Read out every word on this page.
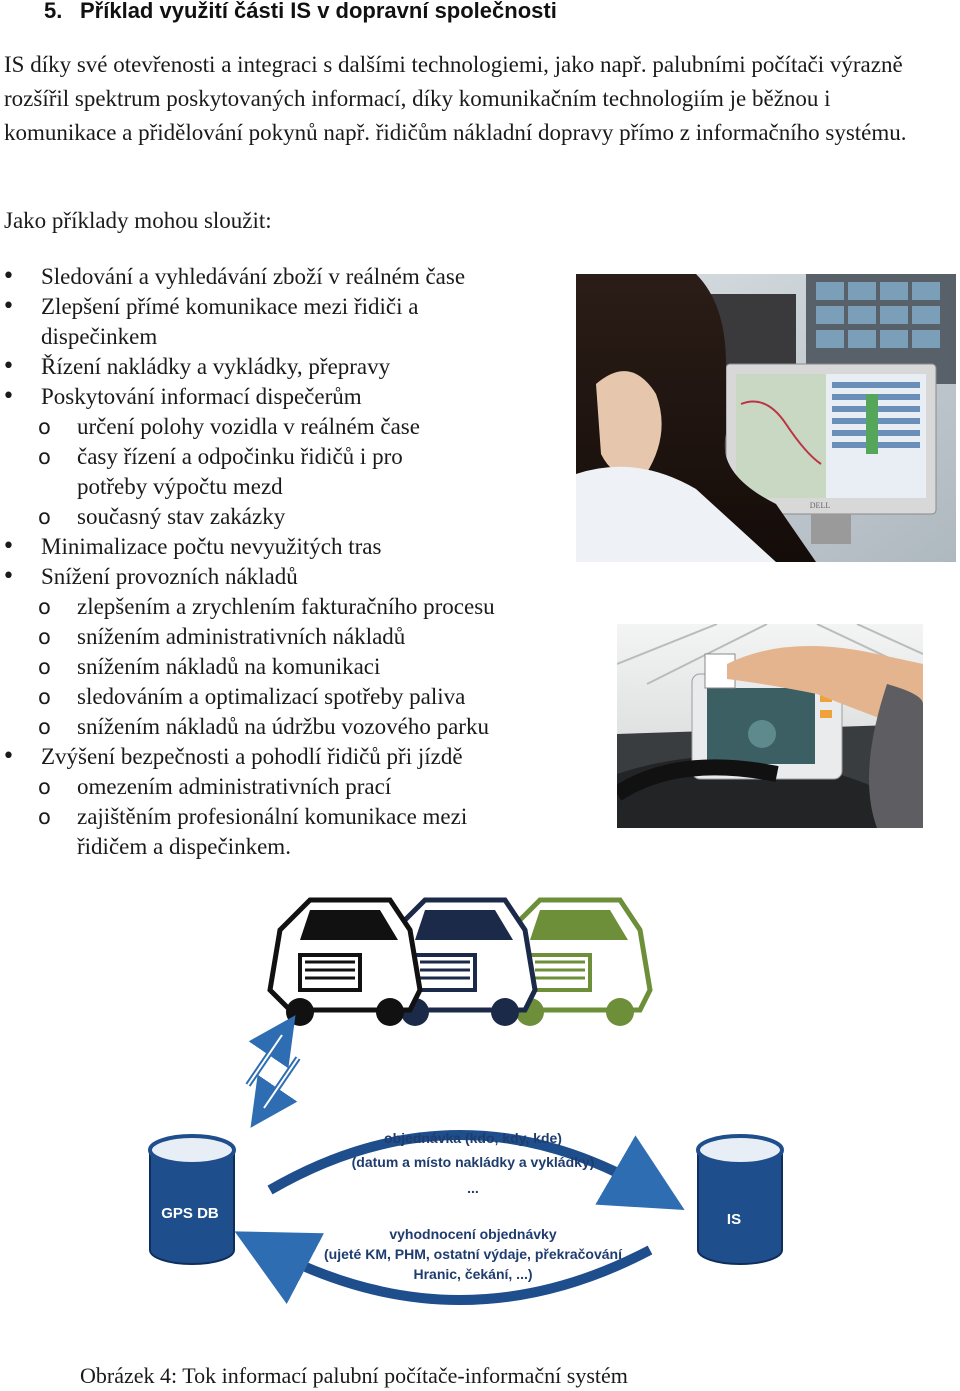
5. Příklad využití části IS v dopravní společnosti

IS díky své otevřenosti a integraci s dalšími technologiemi, jako např. palubními počítači výrazně rozšířil spektrum poskytovaných informací, díky komunikačním technologiím je běžnou i komunikace a přidělování pokynů např. řidičům nákladní dopravy přímo z informačního systému.

Jako příklady mohou sloužit:

• Sledování a vyhledávání zboží v reálném čase
• Zlepšení přímé komunikace mezi řidiči a dispečinkem
• Řízení nakládky a vykládky, přepravy
• Poskytování informací dispečerům
o určení polohy vozidla v reálném čase
o časy řízení a odpočinku řidičů i pro potřeby výpočtu mezd
o současný stav zakázky
• Minimalizace počtu nevyužitých tras
• Snížení provozních nákladů
o zlepšením a zrychlením fakturačního procesu
o snížením administrativních nákladů
o snížením nákladů na komunikaci
o sledováním a optimalizací spotřeby paliva
o snížením nákladů na údržbu vozového parku
• Zvýšení bezpečnosti a pohodlí řidičů při jízdě
o omezením administrativních prací
o zajištěním profesionální komunikace mezi řidičem a dispečinkem.
DELL
GPS DB	IS
objednávka (kdo, kdy, kde)
(datum a místo nakládky a vykládky)
...
vyhodnocení objednávky
(ujeté KM, PHM, ostatní výdaje, překračování
Hranic, čekání, ...)
Obrázek 4: Tok informací palubní počítače-informační systém
